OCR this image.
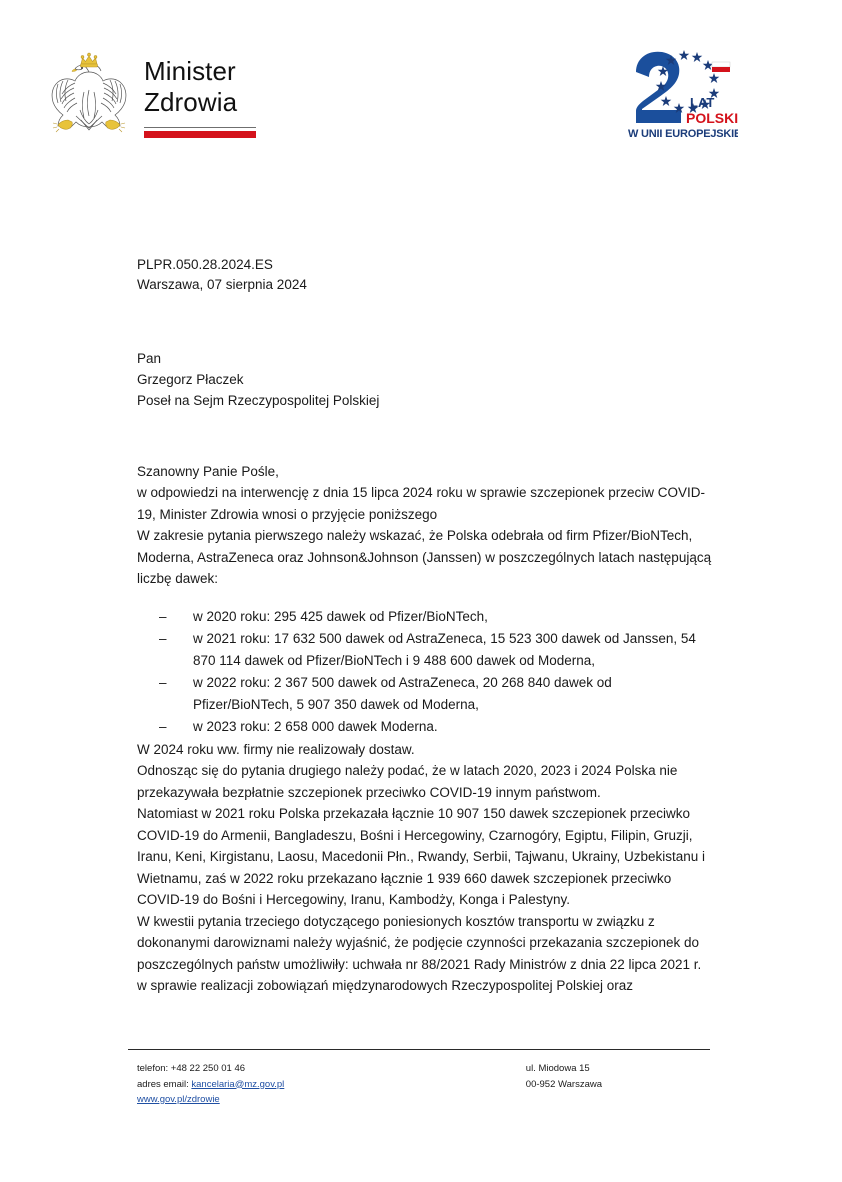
Minister
Zdrowia	LAT
POLSKI
W UNII EUROPEJSKIEJ
PLPR.050.28.2024.ES
Warszawa, 07 sierpnia 2024
Pan
Grzegorz Płaczek
Poseł na Sejm Rzeczypospolitej Polskiej
Szanowny Panie Pośle,

w odpowiedzi na interwencję z dnia 15 lipca 2024 roku w sprawie szczepionek przeciw COVID-19, Minister Zdrowia wnosi o przyjęcie poniższego

W zakresie pytania pierwszego należy wskazać, że Polska odebrała od firm Pfizer/BioNTech, Moderna, AstraZeneca oraz Johnson&Johnson (Janssen) w poszczególnych latach następującą liczbę dawek:

– w 2020 roku: 295 425 dawek od Pfizer/BioNTech,
– w 2021 roku: 17 632 500 dawek od AstraZeneca, 15 523 300 dawek od Janssen, 54 870 114 dawek od Pfizer/BioNTech i 9 488 600 dawek od Moderna,
– w 2022 roku: 2 367 500 dawek od AstraZeneca, 20 268 840 dawek od Pfizer/BioNTech, 5 907 350 dawek od Moderna,
– w 2023 roku: 2 658 000 dawek Moderna.

W 2024 roku ww. firmy nie realizowały dostaw.

Odnosząc się do pytania drugiego należy podać, że w latach 2020, 2023 i 2024 Polska nie przekazywała bezpłatnie szczepionek przeciwko COVID-19 innym państwom.

Natomiast w 2021 roku Polska przekazała łącznie 10 907 150 dawek szczepionek przeciwko COVID-19 do Armenii, Bangladeszu, Bośni i Hercegowiny, Czarnogóry, Egiptu, Filipin, Gruzji, Iranu, Keni, Kirgistanu, Laosu, Macedonii Płn., Rwandy, Serbii, Tajwanu, Ukrainy, Uzbekistanu i Wietnamu, zaś w 2022 roku przekazano łącznie 1 939 660 dawek szczepionek przeciwko COVID-19 do Bośni i Hercegowiny, Iranu, Kambodży, Konga i Palestyny.

W kwestii pytania trzeciego dotyczącego poniesionych kosztów transportu w związku z dokonanymi darowiznami należy wyjaśnić, że podjęcie czynności przekazania szczepionek do poszczególnych państw umożliwiły: uchwała nr 88/2021 Rady Ministrów z dnia 22 lipca 2021 r. w sprawie realizacji zobowiązań międzynarodowych Rzeczypospolitej Polskiej oraz

telefon: +48 22 250 01 46
adres email: kancelaria@mz.gov.pl
www.gov.pl/zdrowie
ul. Miodowa 15
00-952 Warszawa
